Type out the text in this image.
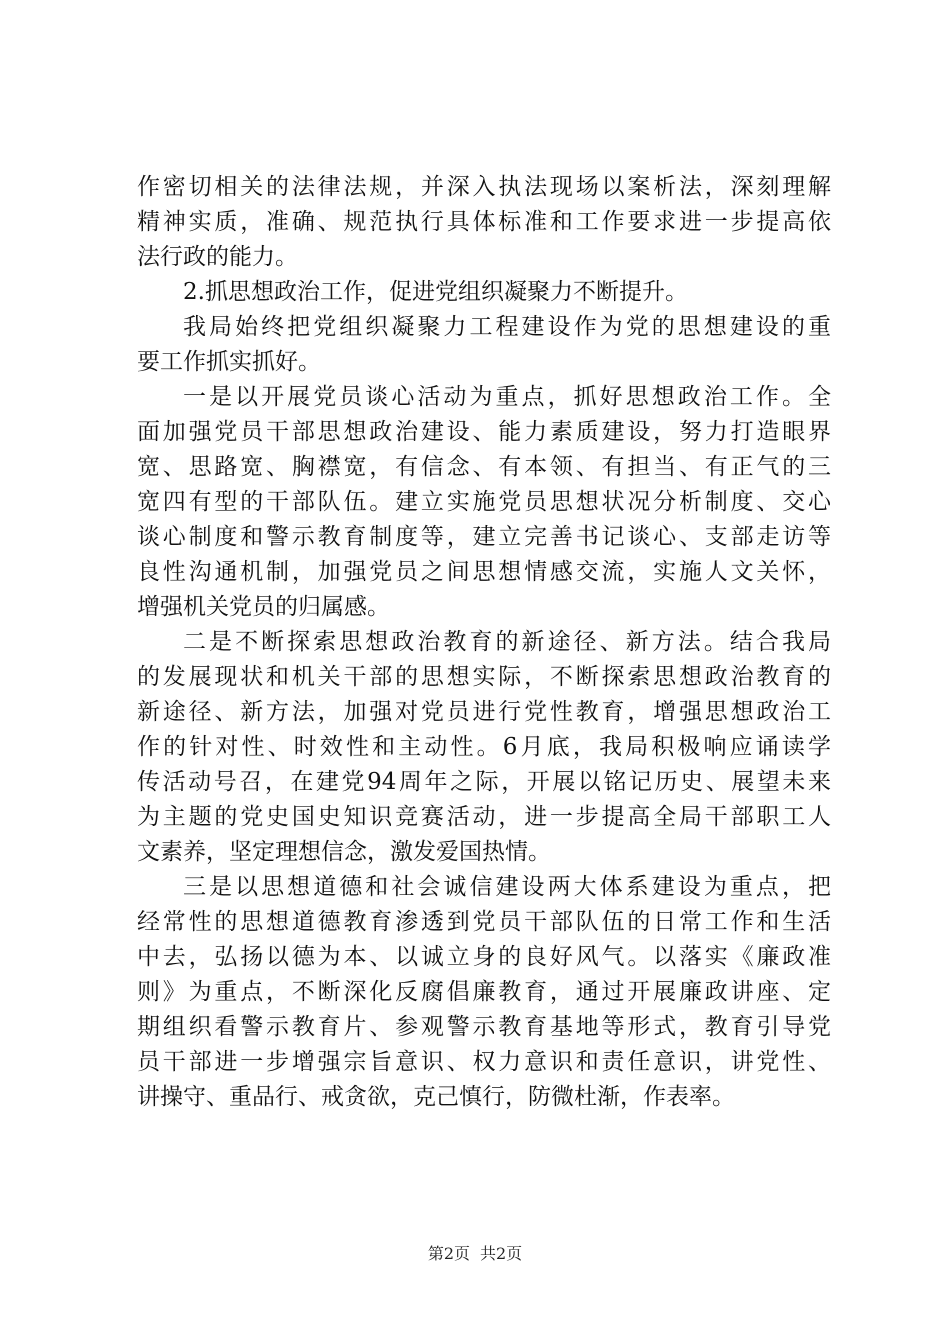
作密切相关的法律法规，并深入执法现场以案析法，深刻理解
精神实质，准确、规范执行具体标准和工作要求进一步提高依
法行政的能力。
2.抓思想政治工作，促进党组织凝聚力不断提升。
我局始终把党组织凝聚力工程建设作为党的思想建设的重
要工作抓实抓好。
一是以开展党员谈心活动为重点，抓好思想政治工作。全
面加强党员干部思想政治建设、能力素质建设，努力打造眼界
宽、思路宽、胸襟宽，有信念、有本领、有担当、有正气的三
宽四有型的干部队伍。建立实施党员思想状况分析制度、交心
谈心制度和警示教育制度等，建立完善书记谈心、支部走访等
良性沟通机制，加强党员之间思想情感交流，实施人文关怀，
增强机关党员的归属感。
二是不断探索思想政治教育的新途径、新方法。结合我局
的发展现状和机关干部的思想实际，不断探索思想政治教育的
新途径、新方法，加强对党员进行党性教育，增强思想政治工
作的针对性、时效性和主动性。6月底，我局积极响应诵读学
传活动号召，在建党94周年之际，开展以铭记历史、展望未来
为主题的党史国史知识竞赛活动，进一步提高全局干部职工人
文素养，坚定理想信念，激发爱国热情。
三是以思想道德和社会诚信建设两大体系建设为重点，把
经常性的思想道德教育渗透到党员干部队伍的日常工作和生活
中去，弘扬以德为本、以诚立身的良好风气。以落实《廉政准
则》为重点，不断深化反腐倡廉教育，通过开展廉政讲座、定
期组织看警示教育片、参观警示教育基地等形式，教育引导党
员干部进一步增强宗旨意识、权力意识和责任意识，讲党性、
讲操守、重品行、戒贪欲，克己慎行，防微杜渐，作表率。
第2页 共2页
